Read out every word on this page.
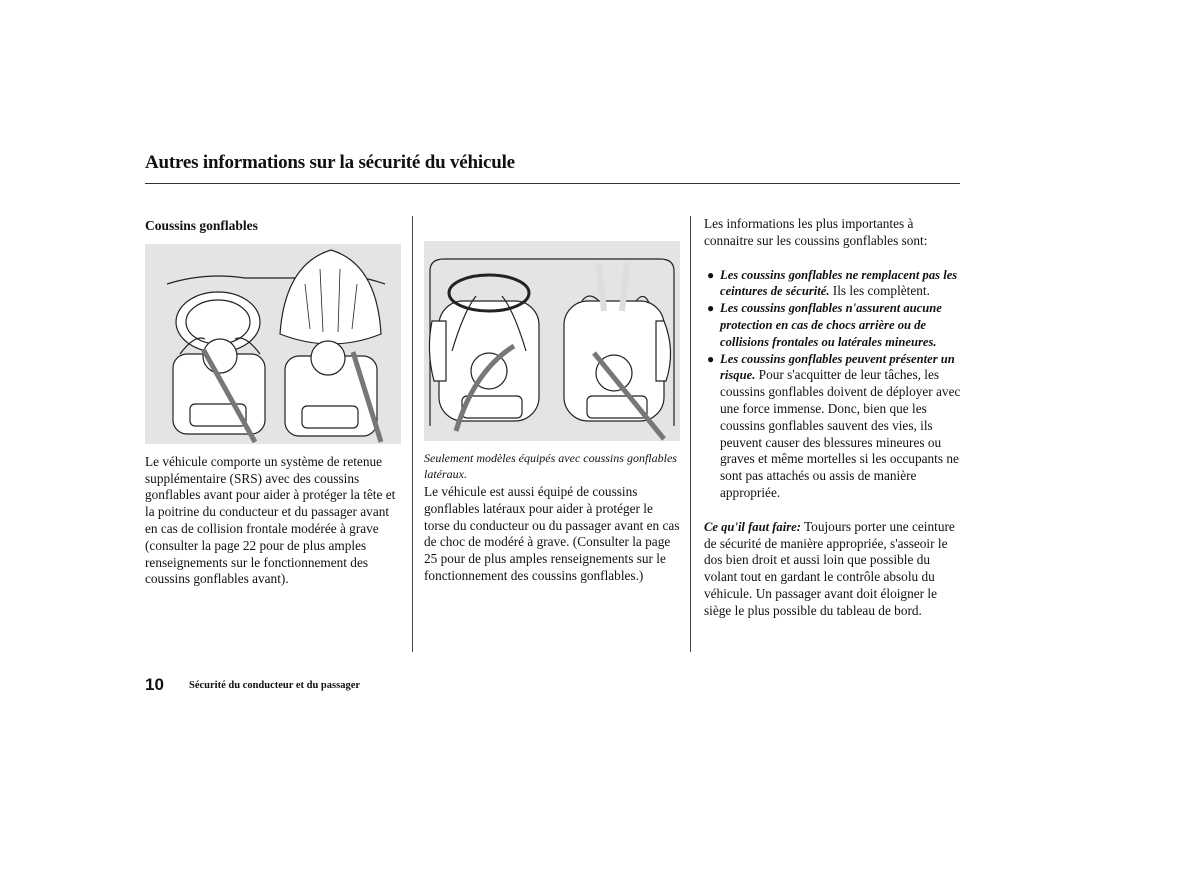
Autres informations sur la sécurité du véhicule
Coussins gonflables

Le véhicule comporte un système de retenue supplémentaire (SRS) avec des coussins gonflables avant pour aider à protéger la tête et la poitrine du conducteur et du passager avant en cas de collision frontale modérée à grave (consulter la page 22 pour de plus amples renseignements sur le fonctionnement des coussins gonflables avant).

Seulement modèles équipés avec coussins gonflables latéraux.

Le véhicule est aussi équipé de coussins gonflables latéraux pour aider à protéger le torse du conducteur ou du passager avant en cas de choc de modéré à grave. (Consulter la page 25 pour de plus amples renseignements sur le fonctionnement des coussins gonflables.)

Les informations les plus importantes à connaitre sur les coussins gonflables sont:

● Les coussins gonflables ne remplacent pas les ceintures de sécurité. Ils les complètent.
● Les coussins gonflables n'assurent aucune protection en cas de chocs arrière ou de collisions frontales ou latérales mineures.
● Les coussins gonflables peuvent présenter un risque. Pour s'acquitter de leur tâches, les coussins gonflables doivent de déployer avec une force immense. Donc, bien que les coussins gonflables sauvent des vies, ils peuvent causer des blessures mineures ou graves et même mortelles si les occupants ne sont pas attachés ou assis de manière appropriée.

Ce qu'il faut faire: Toujours porter une ceinture de sécurité de manière appropriée, s'asseoir le dos bien droit et aussi loin que possible du volant tout en gardant le contrôle absolu du véhicule. Un passager avant doit éloigner le siège le plus possible du tableau de bord.

10 Sécurité du conducteur et du passager
